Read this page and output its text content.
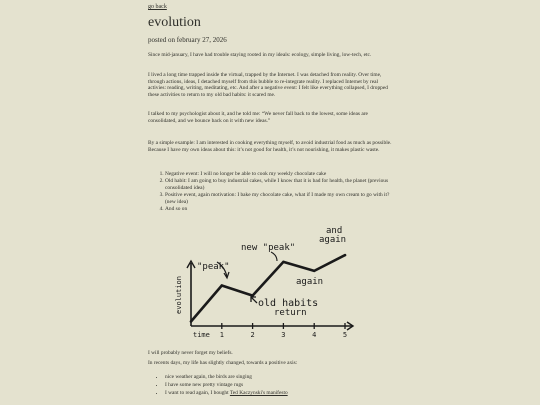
go back
evolution

posted on february 27, 2026

Since mid-january, I have had trouble staying rooted in my ideals: ecology, simple living, low-tech, etc.

I lived a long time trapped inside the virtual, trapped by the Internet. I was detached from reality. Over time, through actions, ideas, I detached myself from this bubble to re-integrate reality. I replaced Internet by real activies: reading, writing, meditating, etc. And after a negative event: I felt like everything collapsed, I dropped these activities to return to my old bad habits: it scared me.

I talked to my psychologist about it, and he told me: “We never fall back to the lowest, some ideas are consolidated, and we bounce back on it with new ideas.”

By a simple example: I am interested in cooking everything myself, to avoid industrial food as much as possible. Because I have my own ideas about this: it’s not good for health, it’s not nourishing, it makes plastic waste.

1. Negative event: I will no longer be able to cook my weekly chocolate cake
2. Old habit: I am going to buy industrial cakes, while I know that it is bad for health, the planet (previous consolidated idea)
3. Positive event, again motivation: I bake my chocolate cake, what if I made my own cream to go with it? (new idea)
4. And so on

I will probably never forget my beliefs.

In recents days, my life has slightly changed, towards a positive axis:

• nice weather again, the birds are singing
• I have some new pretty vintage rugs
• I want to read again, I bought Ted Kaczynski's manifesto
1	2	3	4	5
time
evolution
"peak"
new "peak"
old habits
return
again
and
again
